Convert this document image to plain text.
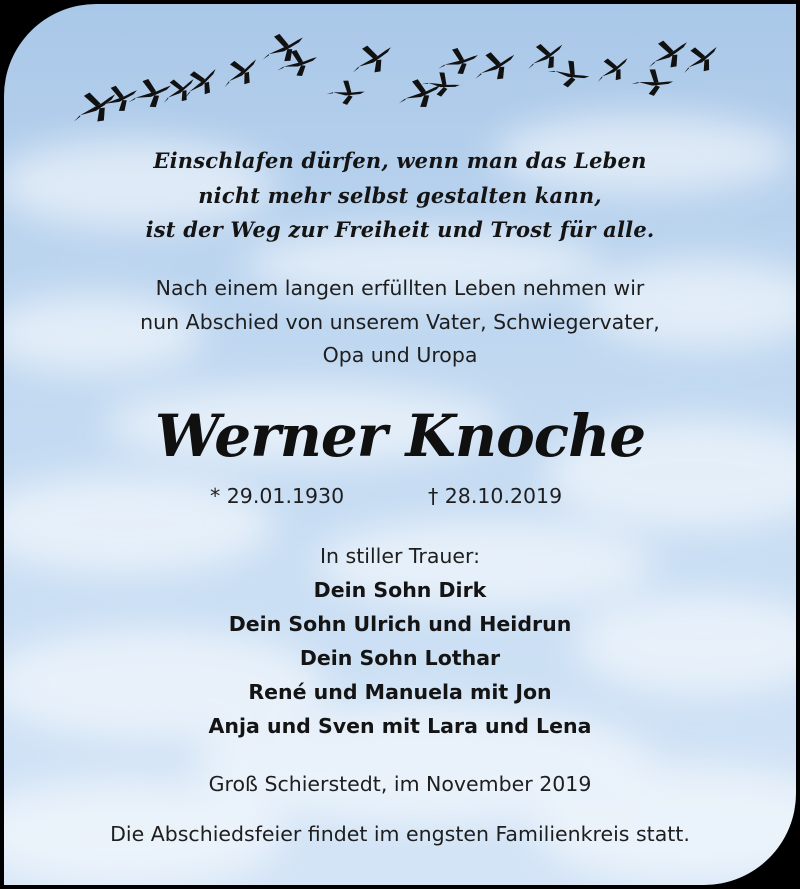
Einschlafen dürfen, wenn man das Leben
nicht mehr selbst gestalten kann,
ist der Weg zur Freiheit und Trost für alle.
Nach einem langen erfüllten Leben nehmen wir
nun Abschied von unserem Vater, Schwiegervater,
Opa und Uropa
Werner Knoche
* 29.01.1930	† 28.10.2019
In stiller Trauer:
Dein Sohn Dirk
Dein Sohn Ulrich und Heidrun
Dein Sohn Lothar
René und Manuela mit Jon
Anja und Sven mit Lara und Lena
Groß Schierstedt, im November 2019
Die Abschiedsfeier findet im engsten Familienkreis statt.
